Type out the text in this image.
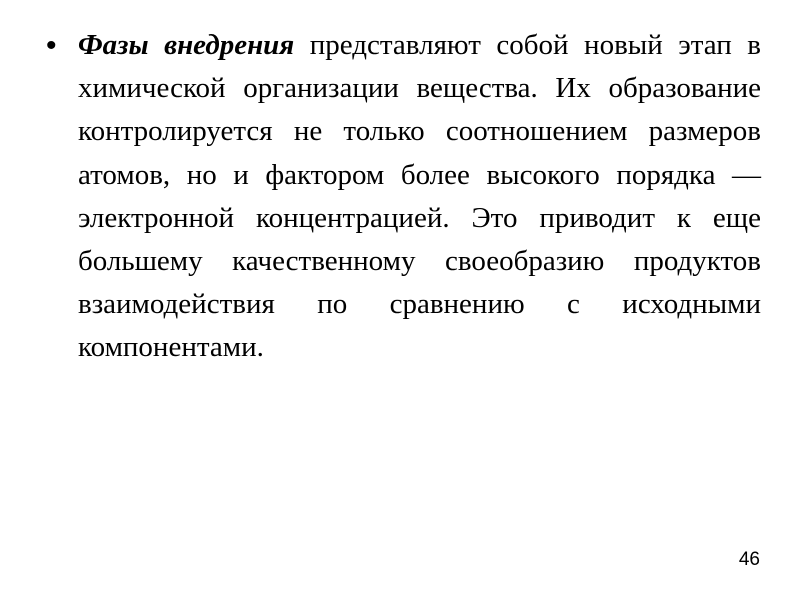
• Фазы внедрения представляют собой новый этап в химической организации вещества. Их образование контролируется не только соотношением размеров атомов, но и фактором более высокого порядка — электронной концентрацией. Это приводит к еще большему качественному своеобразию продуктов взаимодействия по сравнению с исходными компонентами.

46
